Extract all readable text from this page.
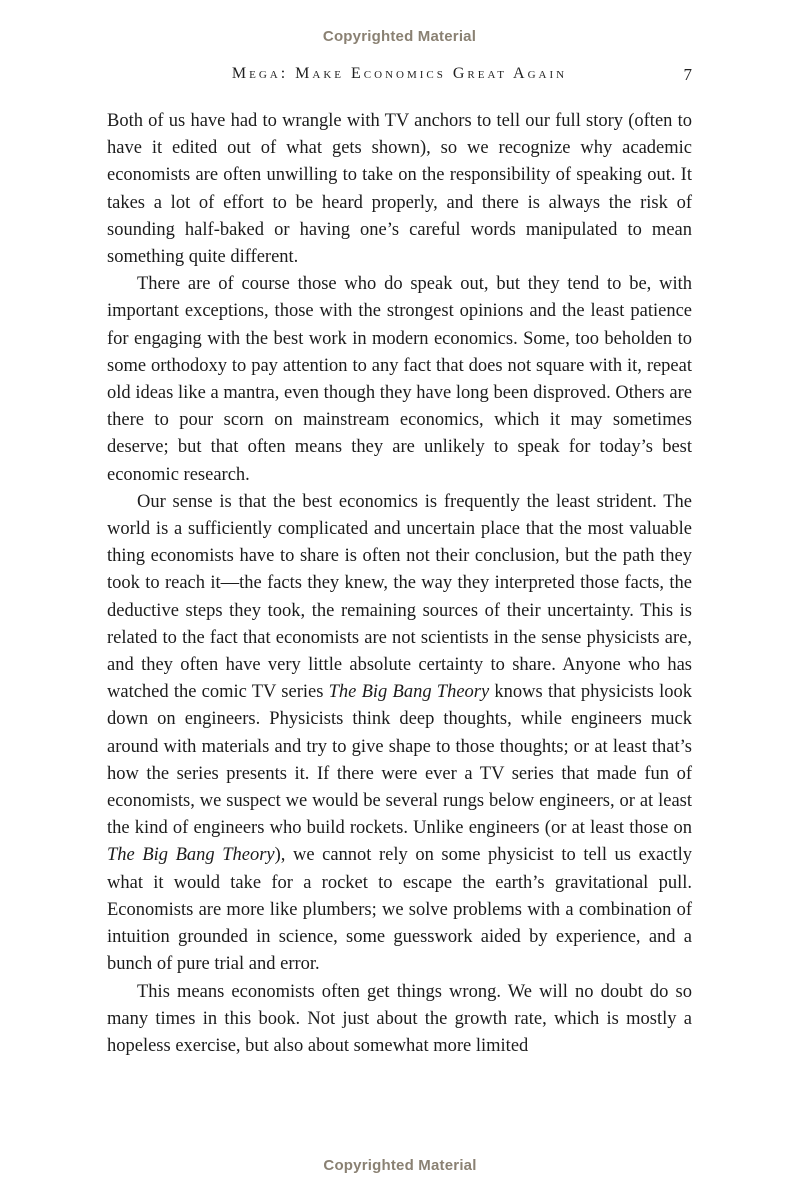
Copyrighted Material
Mega: Make Economics Great Again	7

Both of us have had to wrangle with TV anchors to tell our full story (often to have it edited out of what gets shown), so we recognize why academic economists are often unwilling to take on the responsibility of speaking out. It takes a lot of effort to be heard properly, and there is always the risk of sounding half-baked or having one’s careful words manipulated to mean something quite different.

There are of course those who do speak out, but they tend to be, with important exceptions, those with the strongest opinions and the least patience for engaging with the best work in modern economics. Some, too beholden to some orthodoxy to pay attention to any fact that does not square with it, repeat old ideas like a mantra, even though they have long been disproved. Others are there to pour scorn on mainstream economics, which it may sometimes deserve; but that often means they are unlikely to speak for today’s best economic research.

Our sense is that the best economics is frequently the least strident. The world is a sufficiently complicated and uncertain place that the most valuable thing economists have to share is often not their conclusion, but the path they took to reach it—the facts they knew, the way they interpreted those facts, the deductive steps they took, the remaining sources of their uncertainty. This is related to the fact that economists are not scientists in the sense physicists are, and they often have very little absolute certainty to share. Anyone who has watched the comic TV series The Big Bang Theory knows that physicists look down on engineers. Physicists think deep thoughts, while engineers muck around with materials and try to give shape to those thoughts; or at least that’s how the series presents it. If there were ever a TV series that made fun of economists, we suspect we would be several rungs below engineers, or at least the kind of engineers who build rockets. Unlike engineers (or at least those on The Big Bang Theory), we cannot rely on some physicist to tell us exactly what it would take for a rocket to escape the earth’s gravitational pull. Economists are more like plumbers; we solve problems with a combination of intuition grounded in science, some guesswork aided by experience, and a bunch of pure trial and error.

This means economists often get things wrong. We will no doubt do so many times in this book. Not just about the growth rate, which is mostly a hopeless exercise, but also about somewhat more limited

Copyrighted Material
